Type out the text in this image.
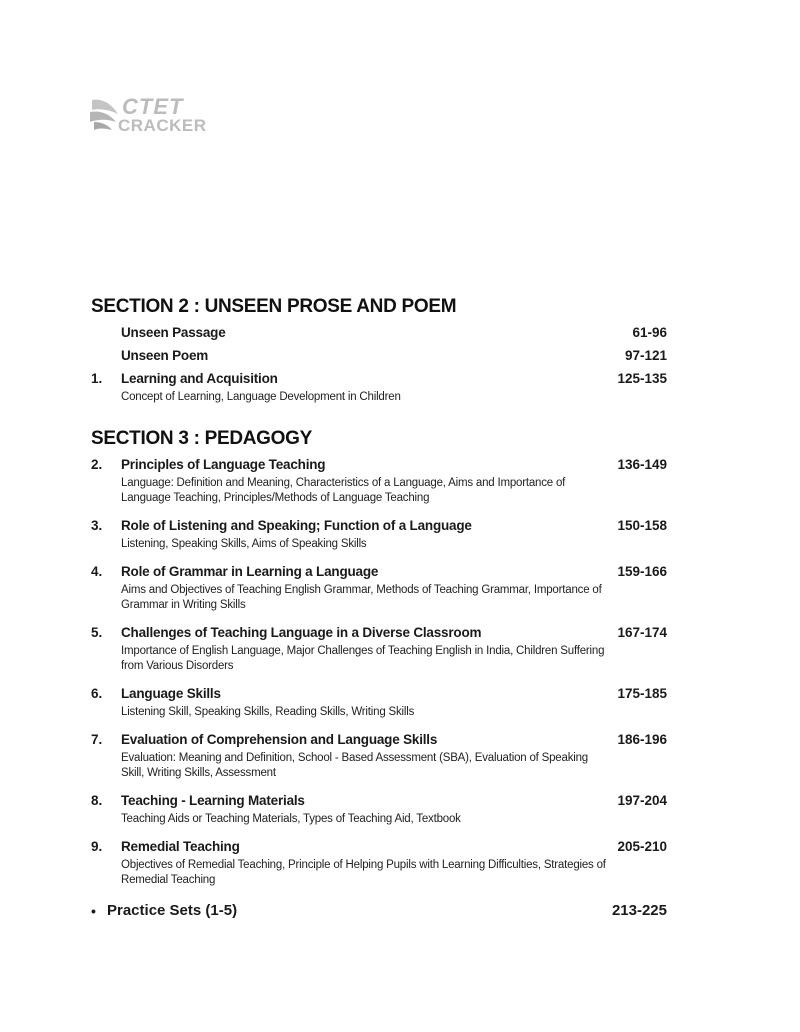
CTET
CRACKER
SECTION 2 : UNSEEN PROSE AND POEM
Unseen Passage	61-96
Unseen Poem	97-121
1. Learning and Acquisition	125-135
Concept of Learning, Language Development in Children
SECTION 3 : PEDAGOGY
2. Principles of Language Teaching	136-149
Language: Definition and Meaning, Characteristics of a Language, Aims and Importance of Language Teaching, Principles/Methods of Language Teaching
3. Role of Listening and Speaking; Function of a Language	150-158
Listening, Speaking Skills, Aims of Speaking Skills
4. Role of Grammar in Learning a Language	159-166
Aims and Objectives of Teaching English Grammar, Methods of Teaching Grammar, Importance of Grammar in Writing Skills
5. Challenges of Teaching Language in a Diverse Classroom	167-174
Importance of English Language, Major Challenges of Teaching English in India, Children Suffering from Various Disorders
6. Language Skills	175-185
Listening Skill, Speaking Skills, Reading Skills, Writing Skills
7. Evaluation of Comprehension and Language Skills	186-196
Evaluation: Meaning and Definition, School - Based Assessment (SBA), Evaluation of Speaking Skill, Writing Skills, Assessment
8. Teaching - Learning Materials	197-204
Teaching Aids or Teaching Materials, Types of Teaching Aid, Textbook
9. Remedial Teaching	205-210
Objectives of Remedial Teaching, Principle of Helping Pupils with Learning Difficulties, Strategies of Remedial Teaching
• Practice Sets (1-5)	213-225
